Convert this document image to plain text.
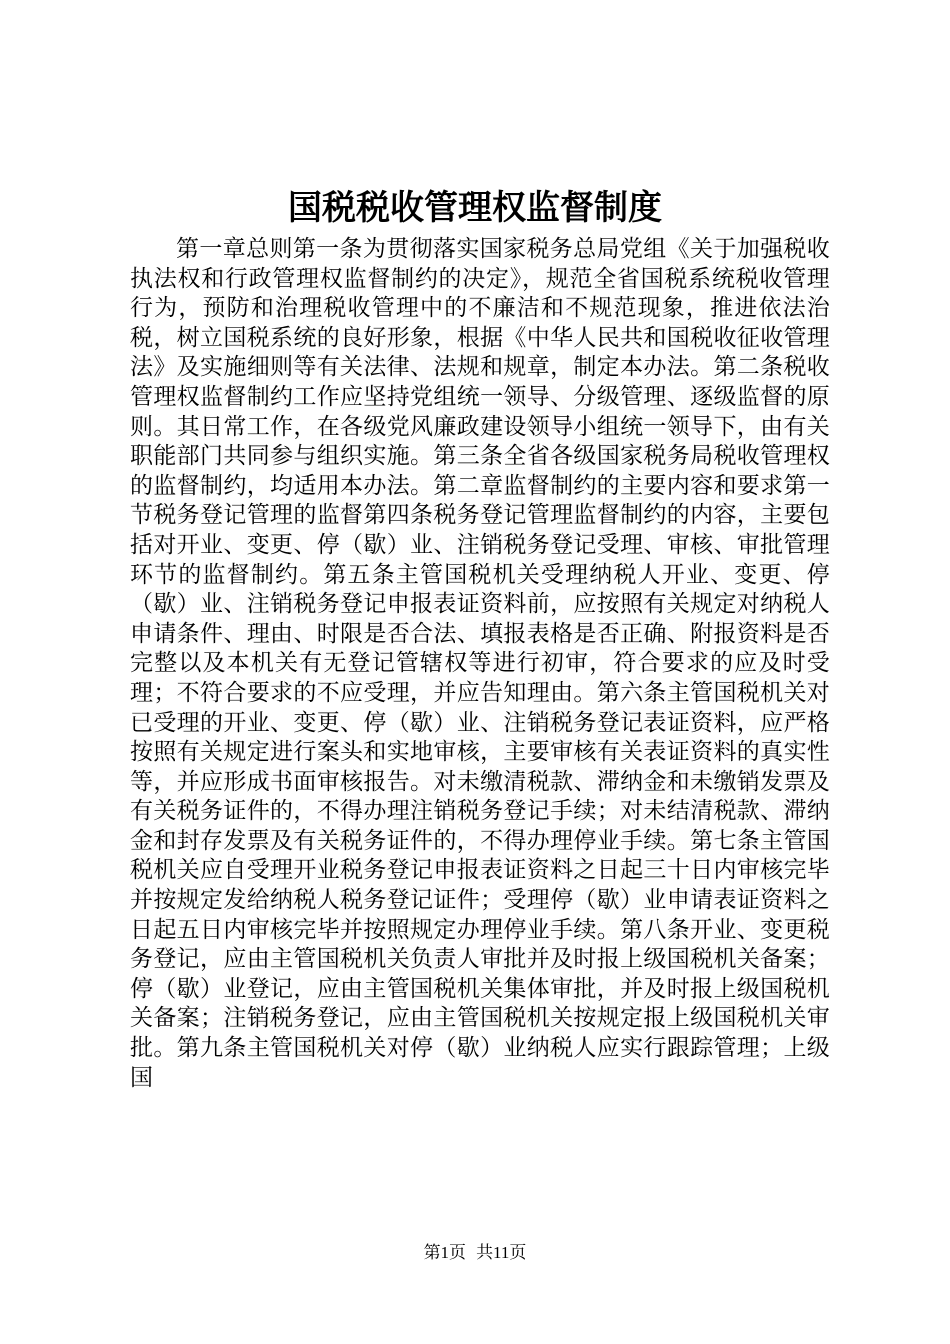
国税税收管理权监督制度

第一章总则第一条为贯彻落实国家税务总局党组《关于加强税收执法权和行政管理权监督制约的决定》，规范全省国税系统税收管理行为，预防和治理税收管理中的不廉洁和不规范现象，推进依法治税，树立国税系统的良好形象，根据《中华人民共和国税收征收管理法》及实施细则等有关法律、法规和规章，制定本办法。第二条税收管理权监督制约工作应坚持党组统一领导、分级管理、逐级监督的原则。其日常工作，在各级党风廉政建设领导小组统一领导下，由有关职能部门共同参与组织实施。第三条全省各级国家税务局税收管理权的监督制约，均适用本办法。第二章监督制约的主要内容和要求第一节税务登记管理的监督第四条税务登记管理监督制约的内容，主要包括对开业、变更、停（歇）业、注销税务登记受理、审核、审批管理环节的监督制约。第五条主管国税机关受理纳税人开业、变更、停（歇）业、注销税务登记申报表证资料前，应按照有关规定对纳税人申请条件、理由、时限是否合法、填报表格是否正确、附报资料是否完整以及本机关有无登记管辖权等进行初审，符合要求的应及时受理；不符合要求的不应受理，并应告知理由。第六条主管国税机关对已受理的开业、变更、停（歇）业、注销税务登记表证资料，应严格按照有关规定进行案头和实地审核，主要审核有关表证资料的真实性等，并应形成书面审核报告。对未缴清税款、滞纳金和未缴销发票及有关税务证件的，不得办理注销税务登记手续；对未结清税款、滞纳金和封存发票及有关税务证件的，不得办理停业手续。第七条主管国税机关应自受理开业税务登记申报表证资料之日起三十日内审核完毕并按规定发给纳税人税务登记证件；受理停（歇）业申请表证资料之日起五日内审核完毕并按照规定办理停业手续。第八条开业、变更税务登记，应由主管国税机关负责人审批并及时报上级国税机关备案；停（歇）业登记，应由主管国税机关集体审批，并及时报上级国税机关备案；注销税务登记，应由主管国税机关按规定报上级国税机关审批。第九条主管国税机关对停（歇）业纳税人应实行跟踪管理；上级国

第1页 共11页
